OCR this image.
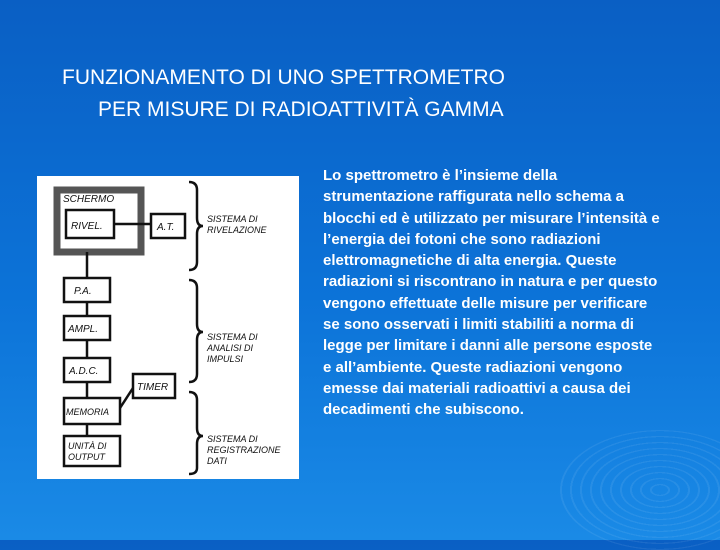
FUNZIONAMENTO DI UNO SPETTROMETRO
PER MISURE DI RADIOATTIVITÀ GAMMA
SCHERMO
RIVEL.	A.T.
P.A.
AMPL.
A.D.C.
TIMER
MEMORIA
UNITÀ DI
OUTPUT
SISTEMA DI
RIVELAZIONE
SISTEMA DI
ANALISI DI
IMPULSI
SISTEMA DI
REGISTRAZIONE
DATI
Lo spettrometro è l’insieme della strumentazione raffigurata nello schema a blocchi ed è utilizzato per misurare l’intensità e l’energia dei fotoni che sono radiazioni elettromagnetiche di alta energia. Queste radiazioni si riscontrano in natura e per questo vengono effettuate delle misure per verificare se sono osservati i limiti stabiliti a norma di legge per limitare i danni alle persone esposte e all’ambiente. Queste radiazioni vengono emesse dai materiali radioattivi a causa dei decadimenti che subiscono.
